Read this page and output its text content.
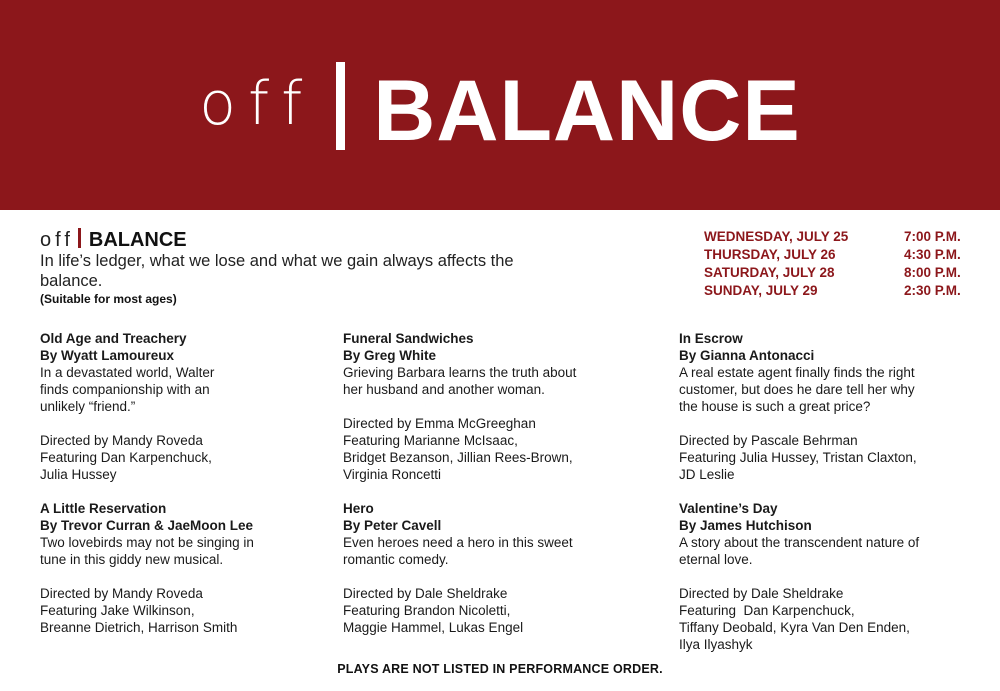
off BALANCE
off BALANCE
In life’s ledger, what we lose and what we gain always affects the balance.
(Suitable for most ages)
WEDNESDAY, JULY 25	7:00 P.M.
THURSDAY, JULY 26	4:30 P.M.
SATURDAY, JULY 28	8:00 P.M.
SUNDAY, JULY 29	2:30 P.M.
Old Age and Treachery
By Wyatt Lamoureux
In a devastated world, Walter
finds companionship with an
unlikely “friend.”
Directed by Mandy Roveda
Featuring Dan Karpenchuck,
Julia Hussey
A Little Reservation
By Trevor Curran & JaeMoon Lee
Two lovebirds may not be singing in
tune in this giddy new musical.
Directed by Mandy Roveda
Featuring Jake Wilkinson,
Breanne Dietrich, Harrison Smith
Funeral Sandwiches
By Greg White
Grieving Barbara learns the truth about
her husband and another woman.
Directed by Emma McGreeghan
Featuring Marianne McIsaac,
Bridget Bezanson, Jillian Rees-Brown,
Virginia Roncetti
Hero
By Peter Cavell
Even heroes need a hero in this sweet
romantic comedy.
Directed by Dale Sheldrake
Featuring Brandon Nicoletti,
Maggie Hammel, Lukas Engel
In Escrow
By Gianna Antonacci
A real estate agent finally finds the right
customer, but does he dare tell her why
the house is such a great price?
Directed by Pascale Behrman
Featuring Julia Hussey, Tristan Claxton,
JD Leslie
Valentine’s Day
By James Hutchison
A story about the transcendent nature of
eternal love.
Directed by Dale Sheldrake
Featuring  Dan Karpenchuck,
Tiffany Deobald, Kyra Van Den Enden,
Ilya Ilyashyk
PLAYS ARE NOT LISTED IN PERFORMANCE ORDER.
